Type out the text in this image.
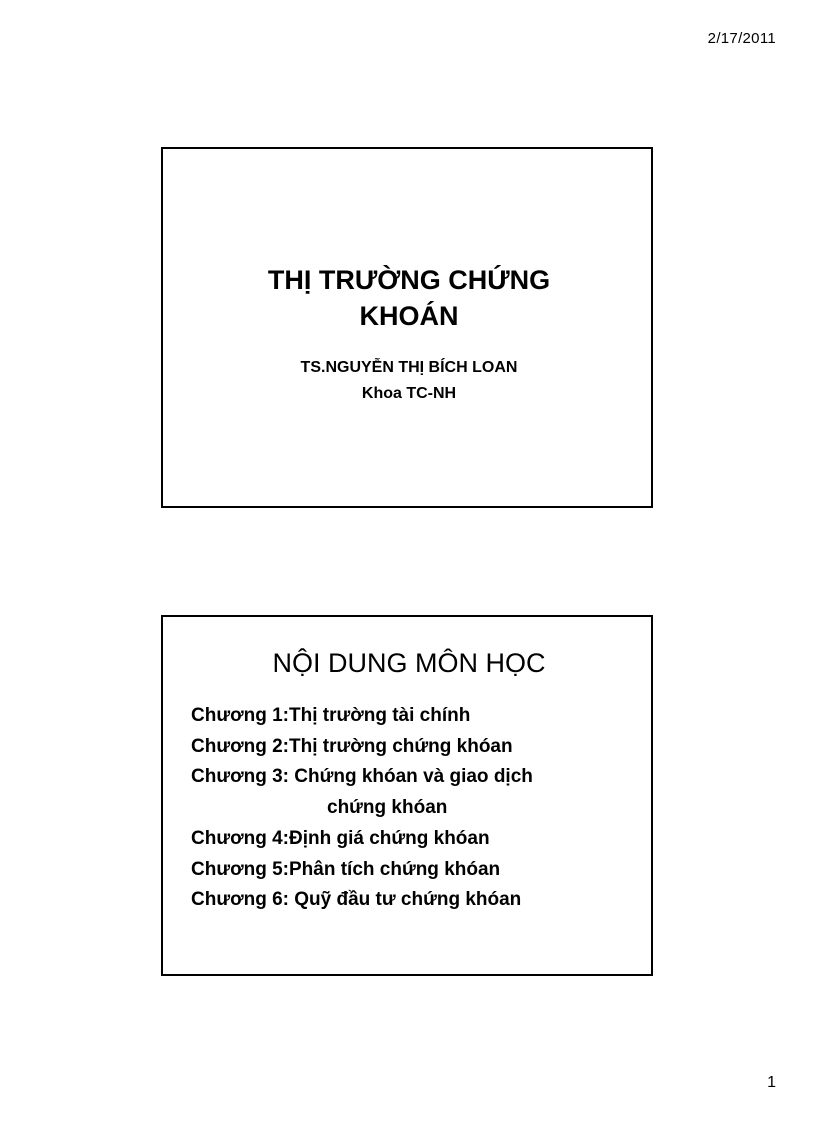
2/17/2011
THỊ TRƯỜNG CHỨNG
KHOÁN
TS.NGUYỄN THỊ BÍCH LOAN
Khoa TC-NH
NỘI DUNG MÔN HỌC
Chương 1:Thị trường tài chính
Chương 2:Thị trường chứng khóan
Chương 3: Chứng khóan và giao dịch
chứng khóan
Chương 4:Định giá chứng khóan
Chương 5:Phân tích chứng khóan
Chương 6: Quỹ đầu tư chứng khóan
1
